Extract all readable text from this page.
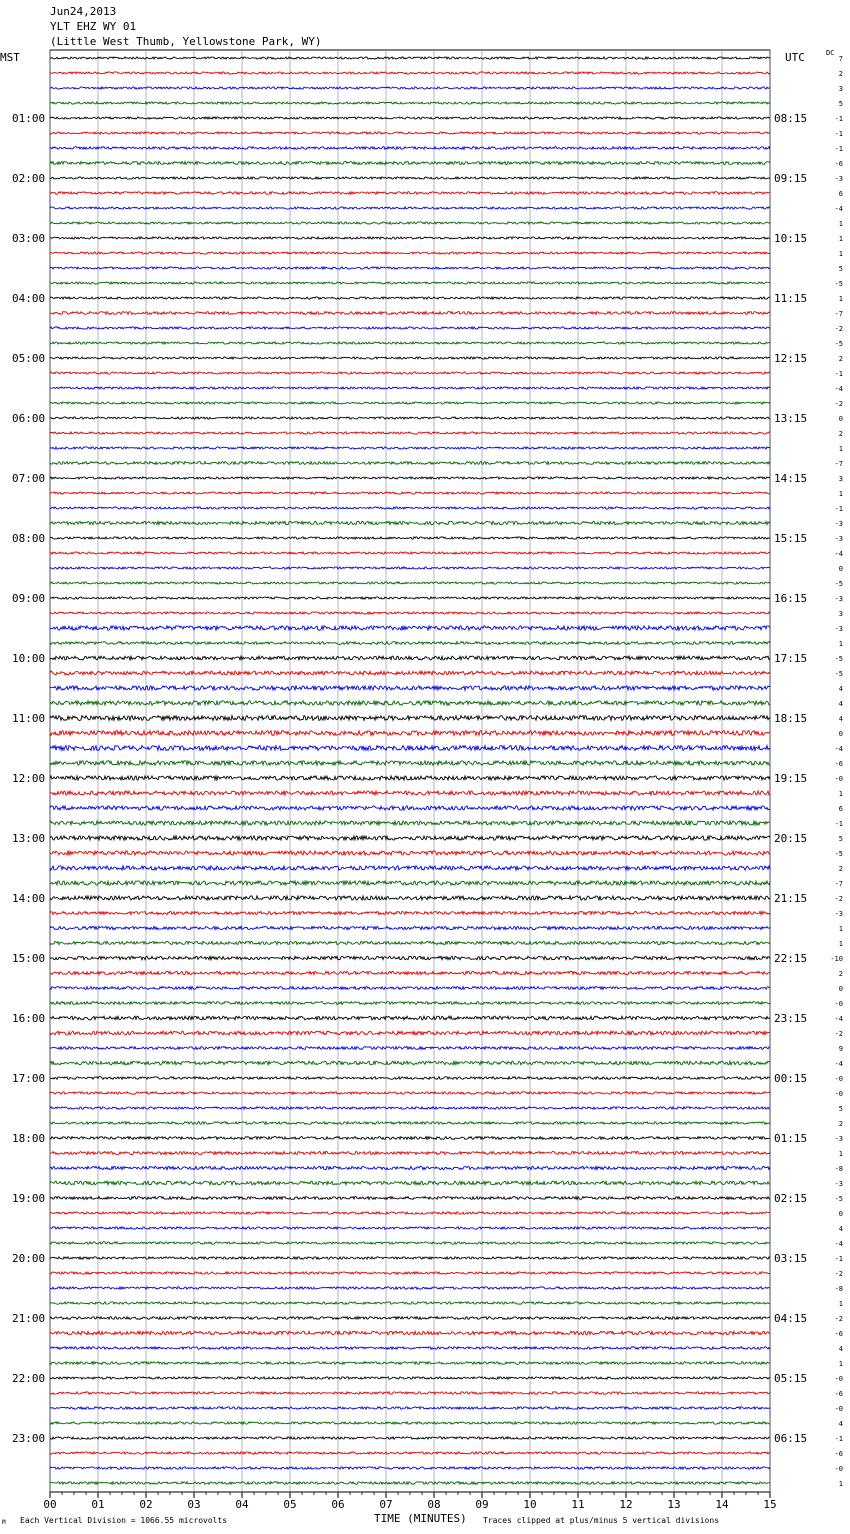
Jun24,2013
YLT EHZ WY 01
(Little West Thumb, Yellowstone Park, WY)
MST	UTC	DC
00	01	02	03	04	05	06	07	08	09	10	11	12	13	14	15
7
2
3
5
-1
-1
-1
-6
-3
6
-4
1
1
1
5
-5
1
-7
-2
-5
2
-1
-4
-2
0
2
1
-7
3
1
-1
-3
-3
-4
0
-5
-3
3
-3
1
-5
-5
4
4
4
0
-4
-6
-0
1
6
-1
5
-5
2
-7
-2
-3
1
1
-10
2
0
-0
-4
-2
9
-4
-0
-0
5
2
-3
1
-8
-3
-5
0
4
-4
-1
-2
-8
1
-2
-6
4
1
-0
-6
-0
4
-1
-6
-0
1
01:00	08:15
02:00	09:15
03:00	10:15
04:00	11:15
05:00	12:15
06:00	13:15
07:00	14:15
08:00	15:15
09:00	16:15
10:00	17:15
11:00	18:15
12:00	19:15
13:00	20:15
14:00	21:15
15:00	22:15
16:00	23:15
17:00	00:15
18:00	01:15
19:00	02:15
20:00	03:15
21:00	04:15
22:00	05:15
23:00	06:15
Each Vertical Division = 1066.55 microvolts	TIME (MINUTES) Traces clipped at plus/minus 5 vertical divisions
M
